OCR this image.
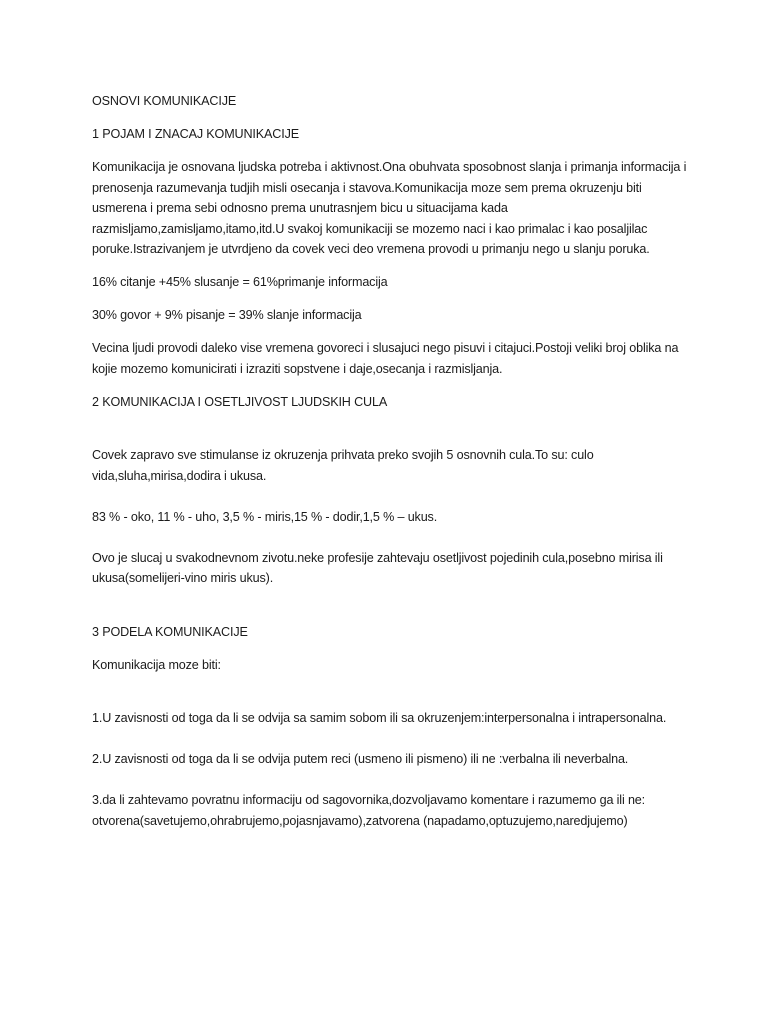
OSNOVI KOMUNIKACIJE
1 POJAM I ZNACAJ KOMUNIKACIJE

Komunikacija je osnovana ljudska potreba i aktivnost.Ona obuhvata sposobnost slanja i primanja informacija i prenosenja razumevanja tudjih misli osecanja i stavova.Komunikacija moze sem prema okruzenju biti usmerena i prema sebi odnosno prema unutrasnjem bicu u situacijama kada razmisljamo,zamisljamo,itamo,itd.U svakoj komunikaciji se mozemo naci i kao primalac i kao posaljilac poruke.Istrazivanjem je utvrdjeno da covek veci deo vremena provodi u primanju nego u slanju poruka.

16% citanje +45% slusanje = 61%primanje informacija

30% govor + 9% pisanje = 39% slanje informacija

Vecina ljudi provodi daleko vise vremena govoreci i slusajuci nego pisuvi i citajuci.Postoji veliki broj oblika na kojie mozemo komunicirati i izraziti sopstvene i daje,osecanja i razmisljanja.

2 KOMUNIKACIJA I OSETLJIVOST LJUDSKIH CULA

Covek zapravo sve stimulanse iz okruzenja prihvata preko svojih 5 osnovnih cula.To su: culo vida,sluha,mirisa,dodira i ukusa.

83 % - oko, 11 % - uho, 3,5 % - miris,15 % - dodir,1,5 % – ukus.

Ovo je slucaj u svakodnevnom zivotu.neke profesije zahtevaju osetljivost pojedinih cula,posebno mirisa ili ukusa(somelijeri-vino miris ukus).

3 PODELA KOMUNIKACIJE

Komunikacija moze biti:

1.U zavisnosti od toga da li se odvija sa samim sobom ili sa okruzenjem:interpersonalna i intrapersonalna.

2.U zavisnosti od toga da li se odvija putem reci (usmeno ili pismeno) ili ne :verbalna ili neverbalna.

3.da li zahtevamo povratnu informaciju od sagovornika,dozvoljavamo komentare i razumemo ga ili ne: otvorena(savetujemo,ohrabrujemo,pojasnjavamo),zatvorena (napadamo,optuzujemo,naredjujemo)
